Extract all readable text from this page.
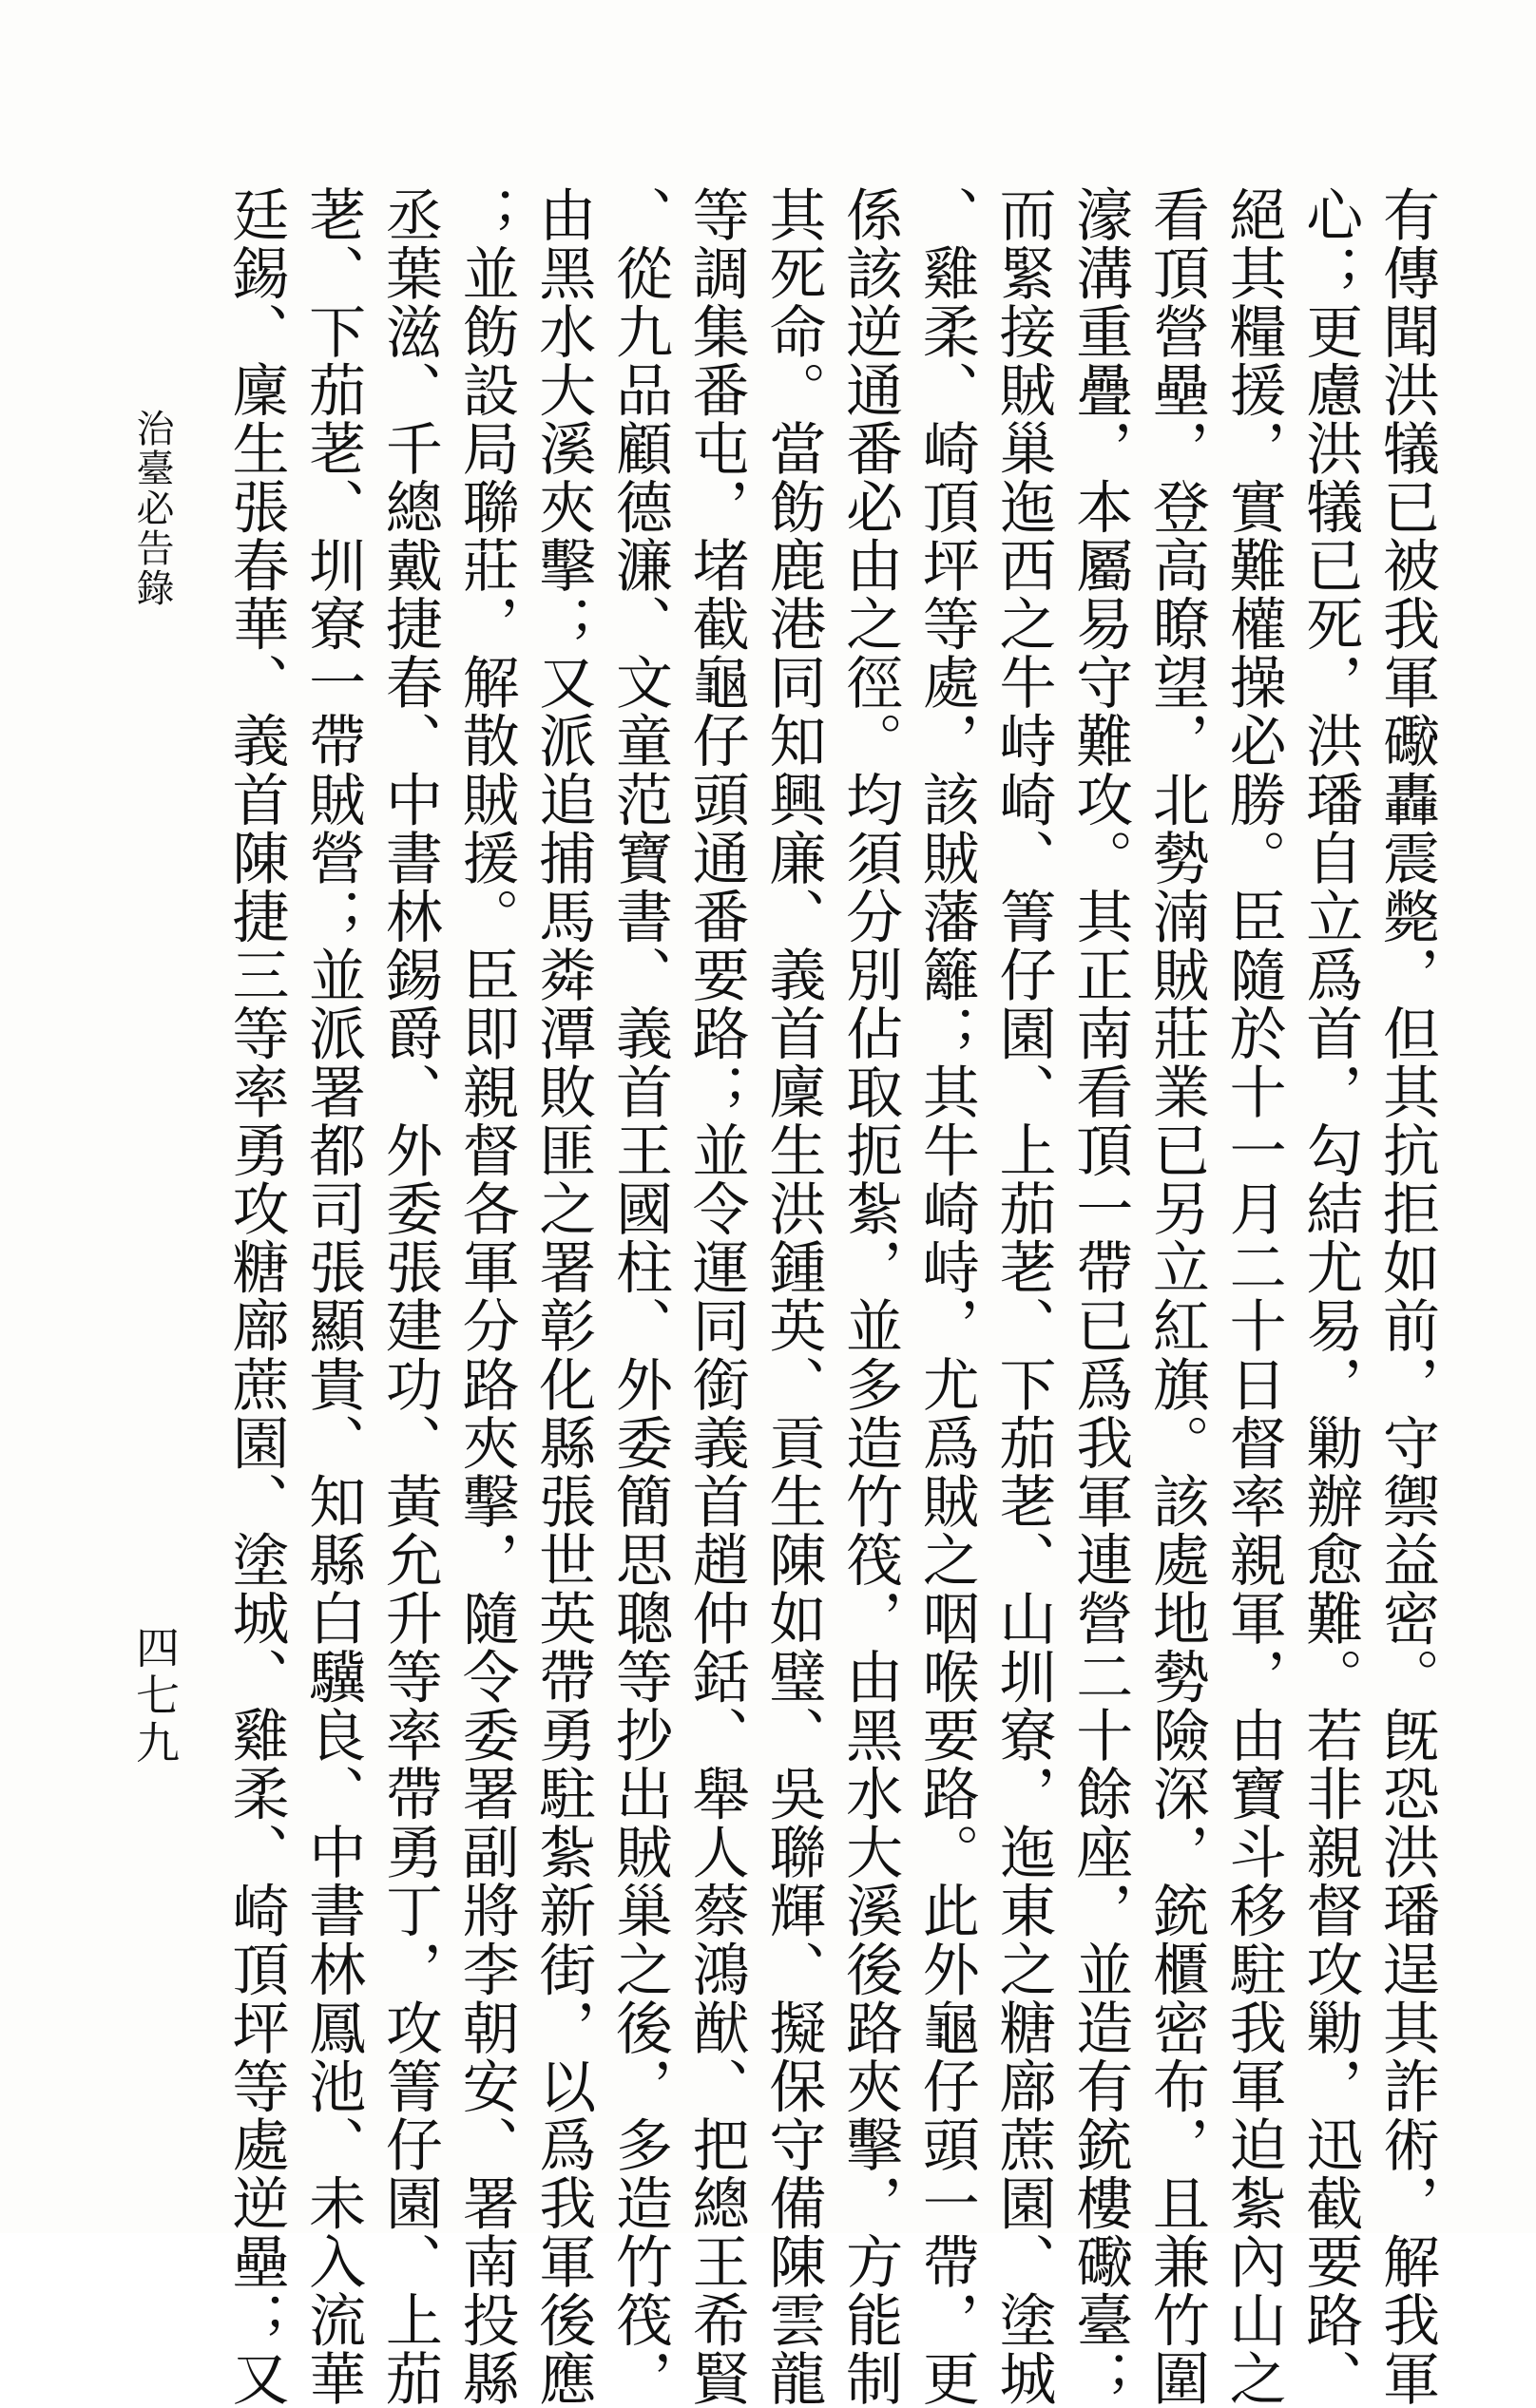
治臺必告錄
四七九	有傳聞洪犠已被我軍礮轟震斃，但其抗拒如前，守禦益密。旣恐洪璠逞其詐術，解我軍
心；更慮洪犠已死，洪璠自立爲首，勾結尤易，勦辦愈難。若非親督攻勦，迅截要路、
絕其糧援，實難權操必勝。臣隨於十一月二十日督率親軍，由寶斗移駐我軍迫紮內山之
看頂營壘，登高瞭望，北勢湳賊莊業已另立紅旗。該處地勢險深，銃櫃密布，且兼竹圍
濠溝重疊，本屬易守難攻。其正南看頂一帶已爲我軍連營二十餘座，並造有銃樓礮臺；
而緊接賊巢迤西之牛峙崎、箐仔園、上茄荖、下茄荖、山圳寮，迤東之糖廍蔗園、塗城
、雞柔、崎頂坪等處，該賊藩籬；其牛崎峙，尤爲賊之咽喉要路。此外龜仔頭一帶，更
係該逆通番必由之徑。均須分別佔取扼紮，並多造竹筏，由黑水大溪後路夾擊，方能制
其死命。當飭鹿港同知興廉、義首廩生洪鍾英、貢生陳如璧、吳聯輝、擬保守備陳雲龍
等調集番屯，堵截龜仔頭通番要路；並令運同銜義首趙仲銛、舉人蔡鴻猷、把總王希賢
、從九品顧德濂、文童范寶書、義首王國柱、外委簡思聰等抄出賊巢之後，多造竹筏，
由黑水大溪夾擊；又派追捕馬粦潭敗匪之署彰化縣張世英帶勇駐紮新街，以爲我軍後應
；並飭設局聯莊，解散賊援。臣即親督各軍分路夾擊，隨令委署副將李朝安、署南投縣
丞葉滋、千總戴捷春、中書林錫爵、外委張建功、黃允升等率帶勇丁，攻箐仔園、上茄
荖、下茄荖、圳寮一帶賊營；並派署都司張顯貴、知縣白驥良、中書林鳳池、未入流華
廷錫、廩生張春華、義首陳捷三等率勇攻糖廍蔗園、塗城、雞柔、崎頂坪等處逆壘；又
